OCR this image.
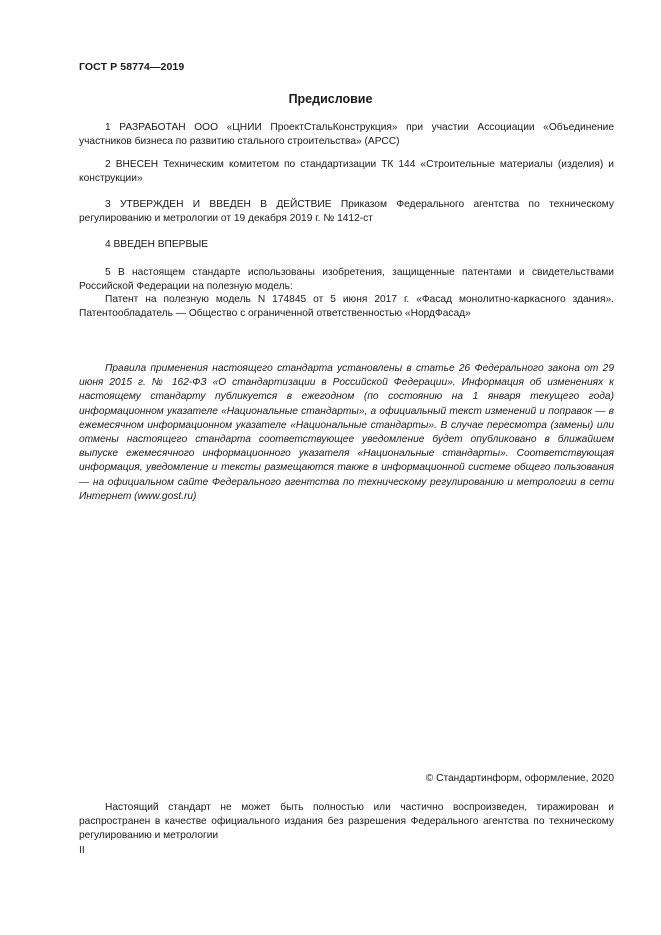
ГОСТ Р 58774—2019
Предисловие

1 РАЗРАБОТАН ООО «ЦНИИ ПроектСтальКонструкция» при участии Ассоциации «Объединение участников бизнеса по развитию стального строительства» (АРСС)

2 ВНЕСЕН Техническим комитетом по стандартизации ТК 144 «Строительные материалы (изделия) и конструкции»

3 УТВЕРЖДЕН И ВВЕДЕН В ДЕЙСТВИЕ Приказом Федерального агентства по техническому регулированию и метрологии от 19 декабря 2019 г. № 1412-ст

4 ВВЕДЕН ВПЕРВЫЕ

5 В настоящем стандарте использованы изобретения, защищенные патентами и свидетельствами Российской Федерации на полезную модель:

Патент на полезную модель N 174845 от 5 июня 2017 г. «Фасад монолитно-каркасного здания». Патентообладатель — Общество с ограниченной ответственностью «НордФасад»

Правила применения настоящего стандарта установлены в статье 26 Федерального закона от 29 июня 2015 г. № 162-ФЗ «О стандартизации в Российской Федерации». Информация об изменениях к настоящему стандарту публикуется в ежегодном (по состоянию на 1 января текущего года) информационном указателе «Национальные стандарты», а официальный текст изменений и поправок — в ежемесячном информационном указателе «Национальные стандарты». В случае пересмотра (замены) или отмены настоящего стандарта соответствующее уведомление будет опубликовано в ближайшем выпуске ежемесячного информационного указателя «Национальные стандарты». Соответствующая информация, уведомление и тексты размещаются также в информационной системе общего пользования — на официальном сайте Федерального агентства по техническому регулированию и метрологии в сети Интернет (www.gost.ru)

© Стандартинформ, оформление, 2020

Настоящий стандарт не может быть полностью или частично воспроизведен, тиражирован и распространен в качестве официального издания без разрешения Федерального агентства по техническому регулированию и метрологии

II
